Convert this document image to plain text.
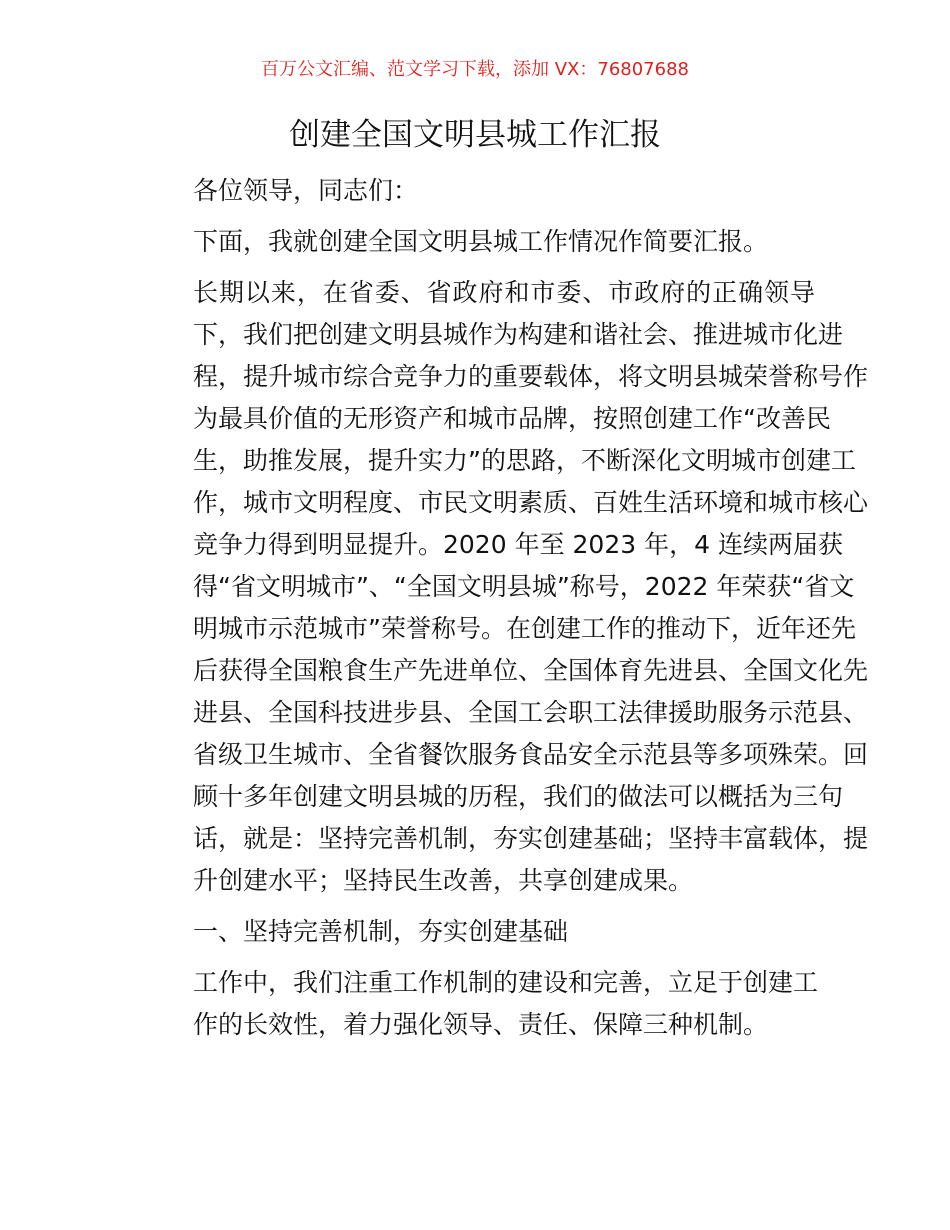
百万公文汇编、范文学习下载，添加 VX：76807688
创建全国文明县城工作汇报

各位领导，同志们：

下面，我就创建全国文明县城工作情况作简要汇报。

长期以来，在省委、省政府和市委、市政府的正确领导
下，我们把创建文明县城作为构建和谐社会、推进城市化进
程，提升城市综合竞争力的重要载体，将文明县城荣誉称号作
为最具价值的无形资产和城市品牌，按照创建工作“改善民
生，助推发展，提升实力”的思路，不断深化文明城市创建工
作，城市文明程度、市民文明素质、百姓生活环境和城市核心
竞争力得到明显提升。2020 年至 2023 年，4 连续两届获
得“省文明城市”、“全国文明县城”称号，2022 年荣获“省文
明城市示范城市”荣誉称号。在创建工作的推动下，近年还先
后获得全国粮食生产先进单位、全国体育先进县、全国文化先
进县、全国科技进步县、全国工会职工法律援助服务示范县、
省级卫生城市、全省餐饮服务食品安全示范县等多项殊荣。回
顾十多年创建文明县城的历程，我们的做法可以概括为三句
话，就是：坚持完善机制，夯实创建基础；坚持丰富载体，提
升创建水平；坚持民生改善，共享创建成果。

一、坚持完善机制，夯实创建基础

工作中，我们注重工作机制的建设和完善，立足于创建工
作的长效性，着力强化领导、责任、保障三种机制。
